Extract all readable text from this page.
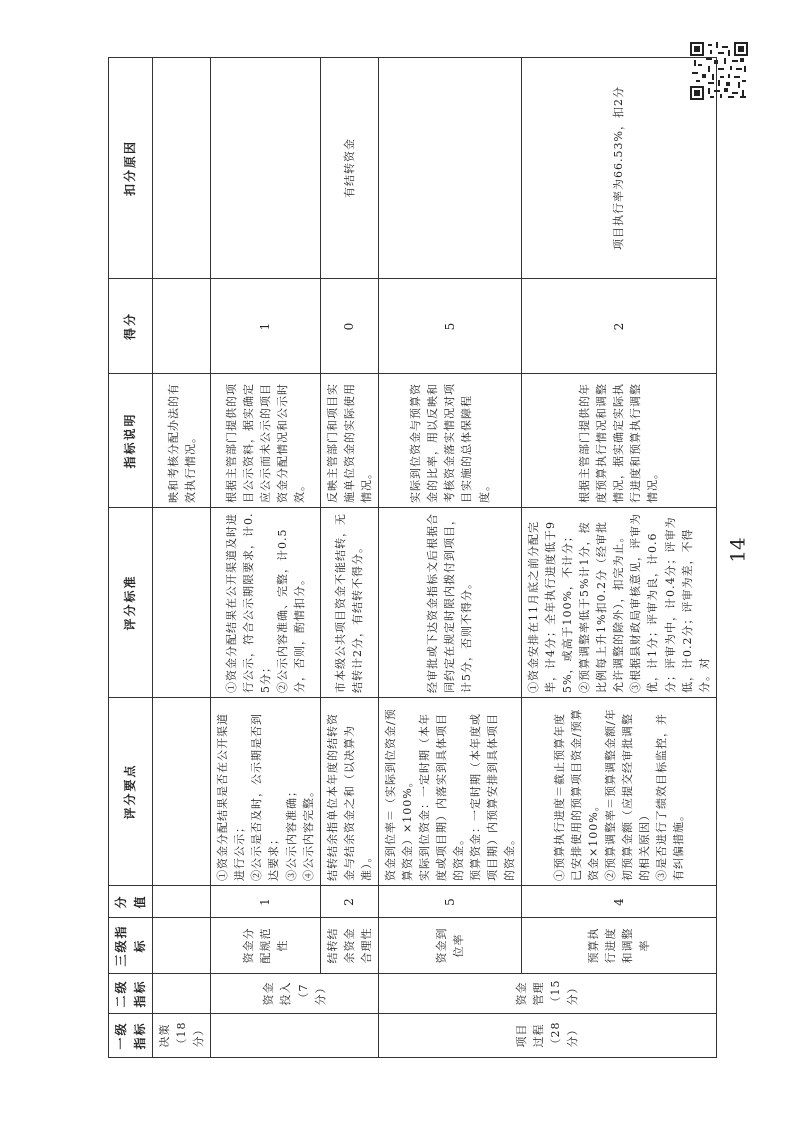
一级指标	二级指标	三级指标	分值	评分要点	评分标准	指标说明	得分	扣分原因
决策（18分）						映和考核分配办法的有效执行情况。		
	资金投入（7分）	资金分配规范性	1	①资金分配结果是否在公开渠道进行公示； ②公示是否及时，公示期是否到达要求； ③公示内容准确； ④公示内容完整。	①资金分配结果在公开渠道及时进行公示，符合公示期限要求，计0.5分； ②公示内容准确、完整，计0.5分，否则，酌情扣分。	根据主管部门提供的项目公示资料，据实确定应公示而未公示的项目资金分配情况和公示时效。	1	
		结转结余资金合理性	2	结转结余指单位本年度的结转资金与结余资金之和（以决算为准）。	市本级公共项目资金不能结转，无结转计2分，有结转不得分。	反映主管部门和项目实施单位资金的实际使用情况。	0	有结转资金
项目过程（28分）	资金管理（15分）	资金到位率	5	资金到位率＝（实际到位资金/预算资金）×100%。 实际到位资金：一定时期（本年度或项目期）内落实到具体项目的资金。 预算资金：一定时期（本年度或项目期）内预算安排到具体项目的资金。	经审批或下达资金指标文后根据合同约定在规定时限内拨付到项目，计5分，否则不得分。	实际到位资金与预算资金的比率，用以反映和考核资金落实情况对项目实施的总体保障程度。	5	
		预算执行进度和调整率	4	①预算执行进度＝截止预算年度已安排使用的预算项目资金/预算资金×100%。 ②预算调整率＝预算调整金额/年初预算金额（应提交经审批调整的相关原因） ③是否进行了绩效目标监控，并有纠偏措施。	①资金安排在11月底之前分配完毕，计4分；全年执行进度低于95%，或高于100%，不计分； ②预算调整率低于5%计1分，按比例每上升1%扣0.2分（经审批允许调整的除外），扣完为止。 ③根据县财政局审核意见，评审为优，计1分；评审为良，计0.6分；评审为中，计0.4分；评审为低，计0.2分；评审为差，不得分。对	根据主管部门提供的年度预算执行情况和调整情况，据实确定实际执行进度和预算执行调整情况。	2	项目执行率为66.53%，扣2分
14
